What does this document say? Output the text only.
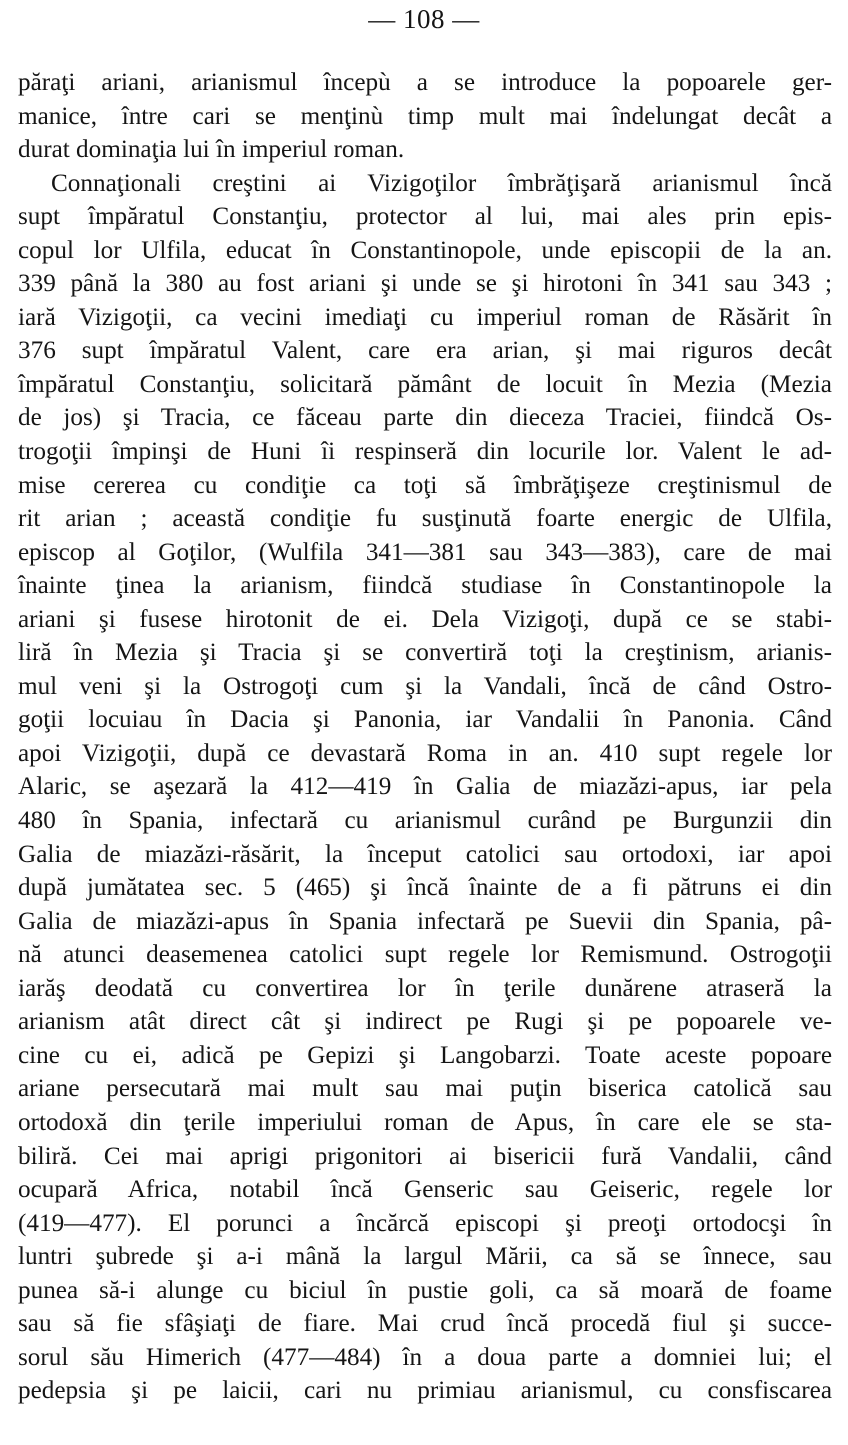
— 108 —
păraţi ariani, arianismul începù a se introduce la popoarele ger-
manice, între cari se menţinù timp mult mai îndelungat decât a
durat dominaţia lui în imperiul roman.
Connaţionali creştini ai Vizigoţilor îmbrăţişară arianismul încă
supt împăratul Constanţiu, protector al lui, mai ales prin epis-
copul lor Ulfila, educat în Constantinopole, unde episcopii de la an.
339 până la 380 au fost ariani şi unde se şi hirotoni în 341 sau 343 ;
iară Vizigoţii, ca vecini imediaţi cu imperiul roman de Răsărit în
376 supt împăratul Valent, care era arian, şi mai riguros decât
împăratul Constanţiu, solicitară pământ de locuit în Mezia (Mezia
de jos) şi Tracia, ce făceau parte din dieceza Traciei, fiindcă Os-
trogoţii împinşi de Huni îi respinseră din locurile lor. Valent le ad-
mise cererea cu condiţie ca toţi să îmbrăţişeze creştinismul de
rit arian ; această condiţie fu susţinută foarte energic de Ulfila,
episcop al Goţilor, (Wulfila 341—381 sau 343—383), care de mai
înainte ţinea la arianism, fiindcă studiase în Constantinopole la
ariani şi fusese hirotonit de ei. Dela Vizigoţi, după ce se stabi-
liră în Mezia şi Tracia şi se convertiră toţi la creştinism, arianis-
mul veni şi la Ostrogoţi cum şi la Vandali, încă de când Ostro-
goţii locuiau în Dacia şi Panonia, iar Vandalii în Panonia. Când
apoi Vizigoţii, după ce devastară Roma in an. 410 supt regele lor
Alaric, se aşezară la 412—419 în Galia de miazăzi-apus, iar pela
480 în Spania, infectară cu arianismul curând pe Burgunzii din
Galia de miazăzi-răsărit, la început catolici sau ortodoxi, iar apoi
după jumătatea sec. 5 (465) şi încă înainte de a fi pătruns ei din
Galia de miazăzi-apus în Spania infectară pe Suevii din Spania, pâ-
nă atunci deasemenea catolici supt regele lor Remismund. Ostrogoţii
iarăş deodată cu convertirea lor în ţerile dunărene atraseră la
arianism atât direct cât şi indirect pe Rugi şi pe popoarele ve-
cine cu ei, adică pe Gepizi şi Langobarzi. Toate aceste popoare
ariane persecutară mai mult sau mai puţin biserica catolică sau
ortodoxă din ţerile imperiului roman de Apus, în care ele se sta-
biliră. Cei mai aprigi prigonitori ai bisericii fură Vandalii, când
ocupară Africa, notabil încă Genseric sau Geiseric, regele lor
(419—477). El porunci a încărcă episcopi şi preoţi ortodocşi în
luntri şubrede şi a-i mână la largul Mării, ca să se înnece, sau
punea să-i alunge cu biciul în pustie goli, ca să moară de foame
sau să fie sfâşiaţi de fiare. Mai crud încă procedă fiul şi succe-
sorul său Himerich (477—484) în a doua parte a domniei lui; el
pedepsia şi pe laicii, cari nu primiau arianismul, cu consfiscarea
